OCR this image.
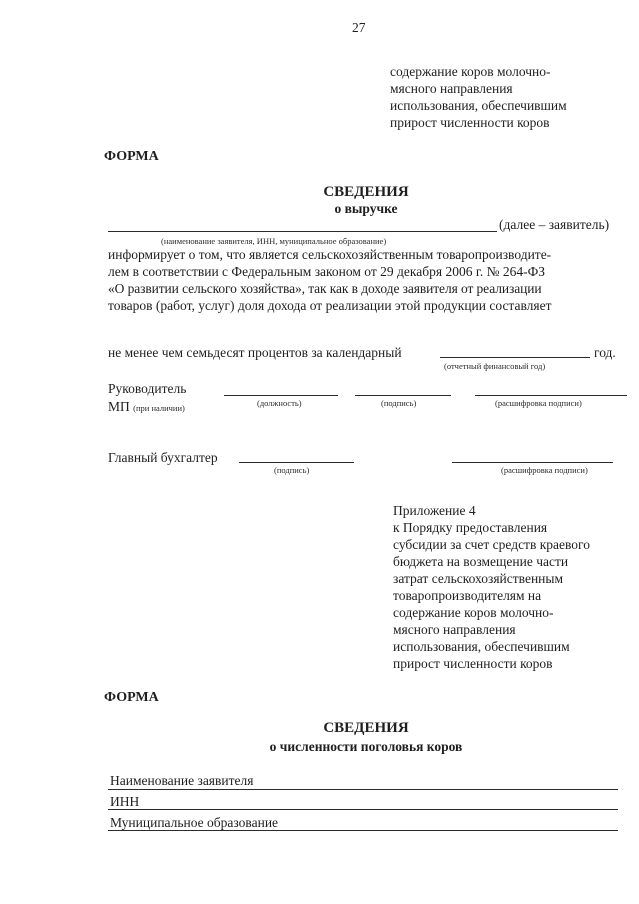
27
содержание коров молочно-
мясного направления
использования, обеспечившим
прирост численности коров
ФОРМА
СВЕДЕНИЯ
о выручке
(далее – заявитель)
(наименование заявителя, ИНН, муниципальное образование)
информирует о том, что является сельскохозяйственным товаропроизводите-
лем в соответствии с Федеральным законом от 29 декабря 2006 г. № 264-ФЗ
«О развитии сельского хозяйства», так как в доходе заявителя от реализации
товаров (работ, услуг) доля дохода от реализации этой продукции составляет
не менее чем семьдесят процентов за календарный	год.
(отчетный финансовый год)
Руководитель
МП (при наличии)	(должность)	(подпись)	(расшифровка подписи)
Главный бухгалтер
(подпись)	(расшифровка подписи)
Приложение 4
к Порядку предоставления
субсидии за счет средств краевого
бюджета на возмещение части
затрат сельскохозяйственным
товаропроизводителям на
содержание коров молочно-
мясного направления
использования, обеспечившим
прирост численности коров
ФОРМА
СВЕДЕНИЯ
о численности поголовья коров
Наименование заявителя
ИНН
Муниципальное образование
